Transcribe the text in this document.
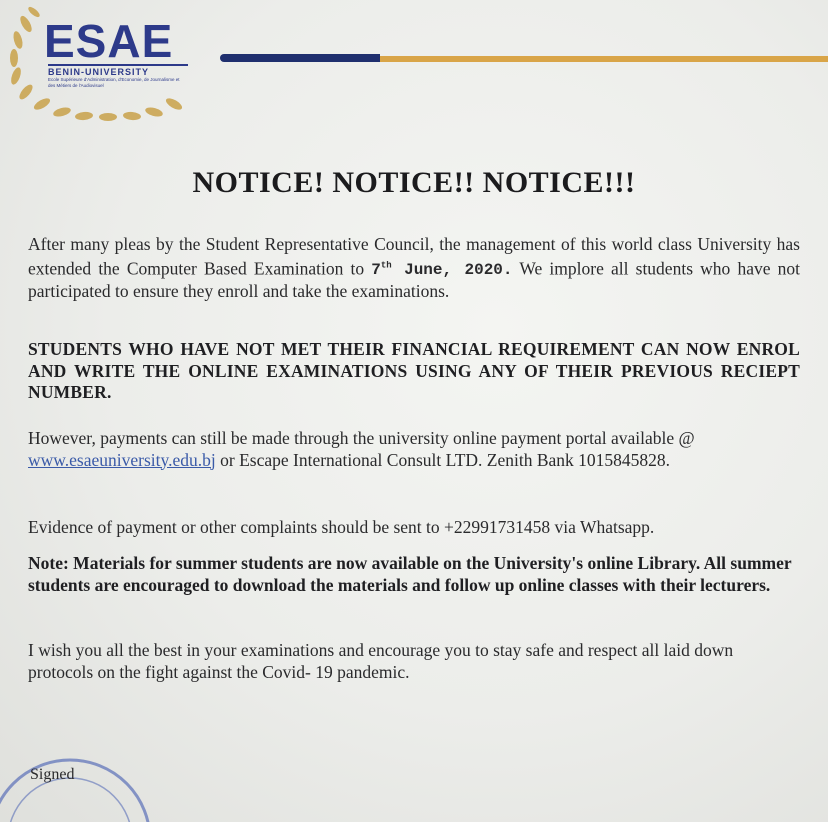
ESAE
BENIN-UNIVERSITY
Ecole Supérieure d'Administration, d'Economie, de Journalisme et des Métiers de l'Audiovisuel
NOTICE! NOTICE!! NOTICE!!!
After many pleas by the Student Representative Council, the management of this world class University has extended the Computer Based Examination to 7th June, 2020. We implore all students who have not participated to ensure they enroll and take the examinations.
STUDENTS WHO HAVE NOT MET THEIR FINANCIAL REQUIREMENT CAN NOW ENROL AND WRITE THE ONLINE EXAMINATIONS USING ANY OF THEIR PREVIOUS RECIEPT NUMBER.
However, payments can still be made through the university online payment portal available @ www.esaeuniversity.edu.bj or Escape International Consult LTD. Zenith Bank 1015845828.
Evidence of payment or other complaints should be sent to +22991731458 via Whatsapp.
Note: Materials for summer students are now available on the University's online Library. All summer students are encouraged to download the materials and follow up online classes with their lecturers.
I wish you all the best in your examinations and encourage you to stay safe and respect all laid down protocols on the fight against the Covid- 19 pandemic.
Signed
